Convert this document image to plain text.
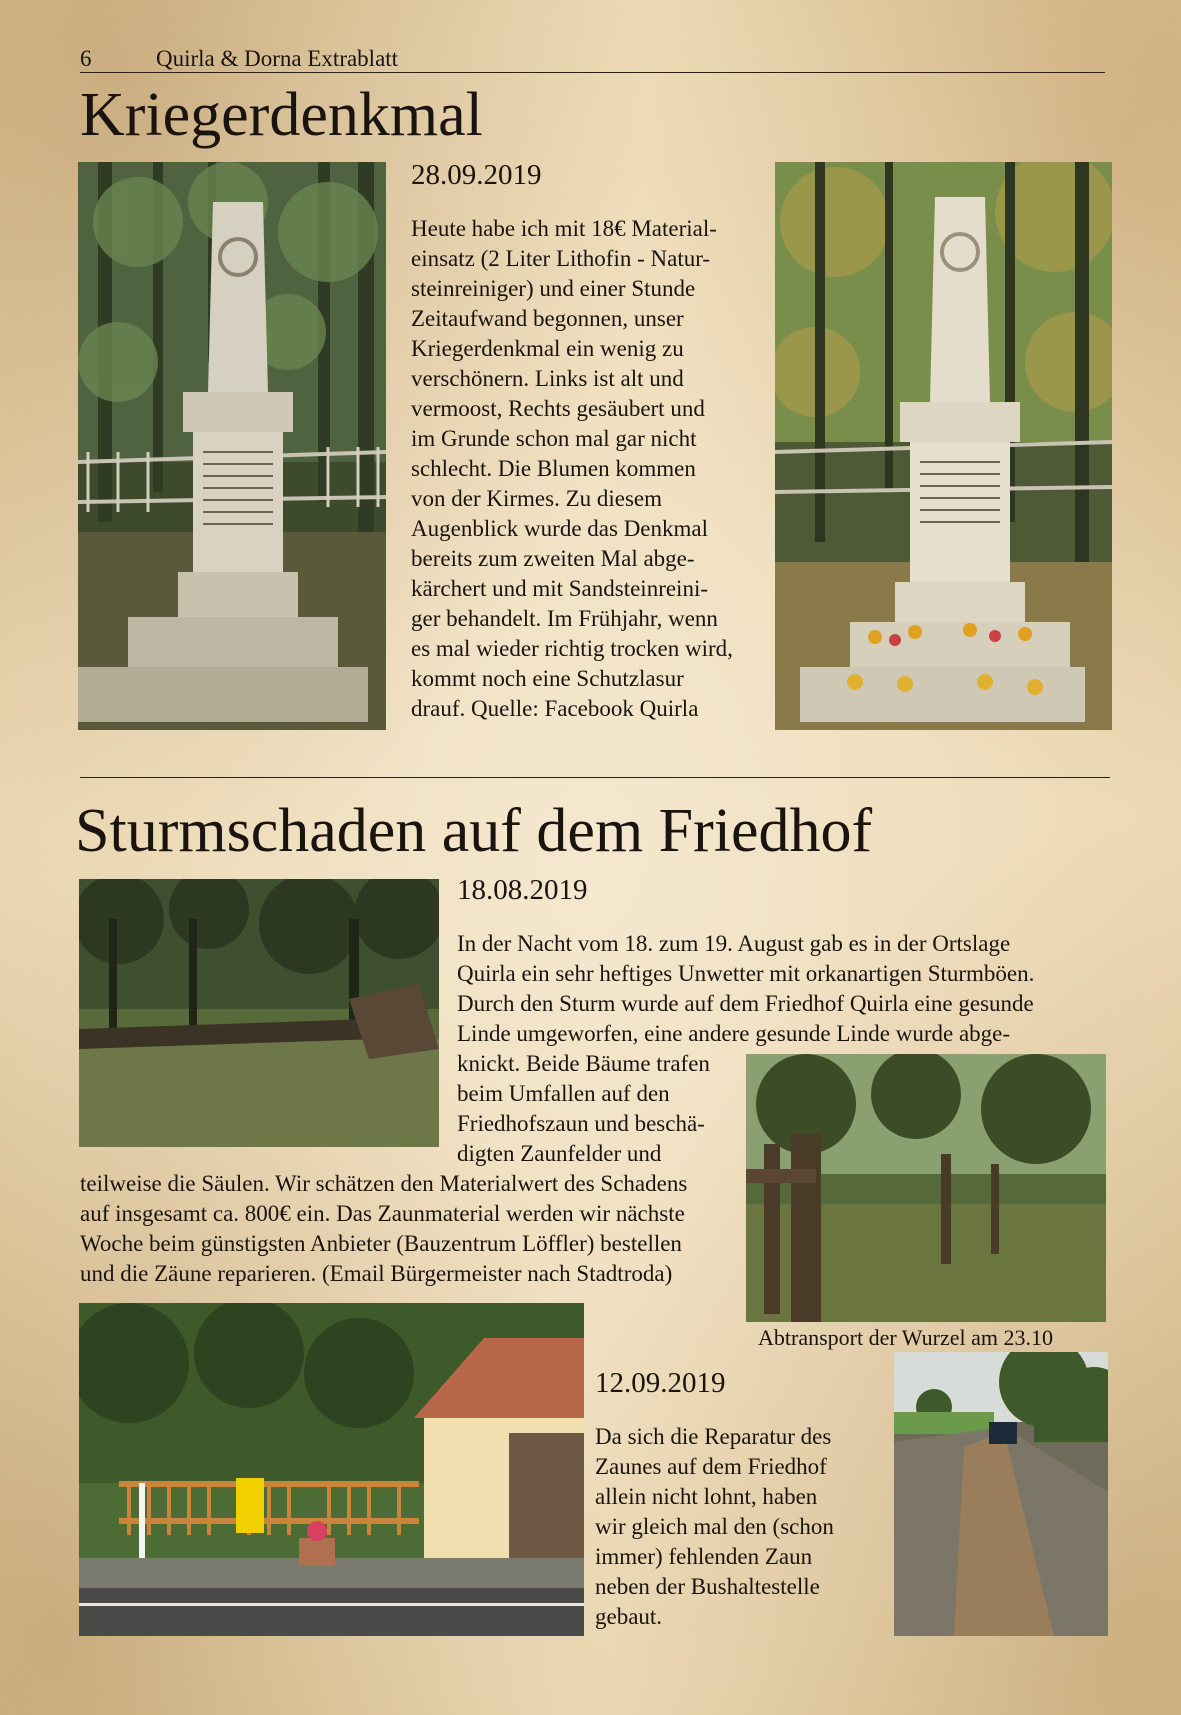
6	Quirla & Dorna Extrablatt
Kriegerdenkmal
28.09.2019
Heute habe ich mit 18€ Material-
einsatz (2 Liter Lithofin - Natur-
steinreiniger) und einer Stunde
Zeitaufwand begonnen, unser
Kriegerdenkmal ein wenig zu
verschönern. Links ist alt und
vermoost, Rechts gesäubert und
im Grunde schon mal gar nicht
schlecht. Die Blumen kommen
von der Kirmes. Zu diesem
Augenblick wurde das Denkmal
bereits zum zweiten Mal abge-
kärchert und mit Sandsteinreini-
ger behandelt. Im Frühjahr, wenn
es mal wieder richtig trocken wird,
kommt noch eine Schutzlasur
drauf. Quelle: Facebook Quirla
Sturmschaden auf dem Friedhof
18.08.2019
In der Nacht vom 18. zum 19. August gab es in der Ortslage
Quirla ein sehr heftiges Unwetter mit orkanartigen Sturmböen.
Durch den Sturm wurde auf dem Friedhof Quirla eine gesunde
Linde umgeworfen, eine andere gesunde Linde wurde abge-
knickt. Beide Bäume trafen
beim Umfallen auf den
Friedhofszaun und beschä-
digten Zaunfelder und
teilweise die Säulen. Wir schätzen den Materialwert des Schadens
auf insgesamt ca. 800€ ein. Das Zaunmaterial werden wir nächste
Woche beim günstigsten Anbieter (Bauzentrum Löffler) bestellen
und die Zäune reparieren. (Email Bürgermeister nach Stadtroda)
Abtransport der Wurzel am 23.10
12.09.2019
Da sich die Reparatur des
Zaunes auf dem Friedhof
allein nicht lohnt, haben
wir gleich mal den (schon
immer) fehlenden Zaun
neben der Bushaltestelle
gebaut.
